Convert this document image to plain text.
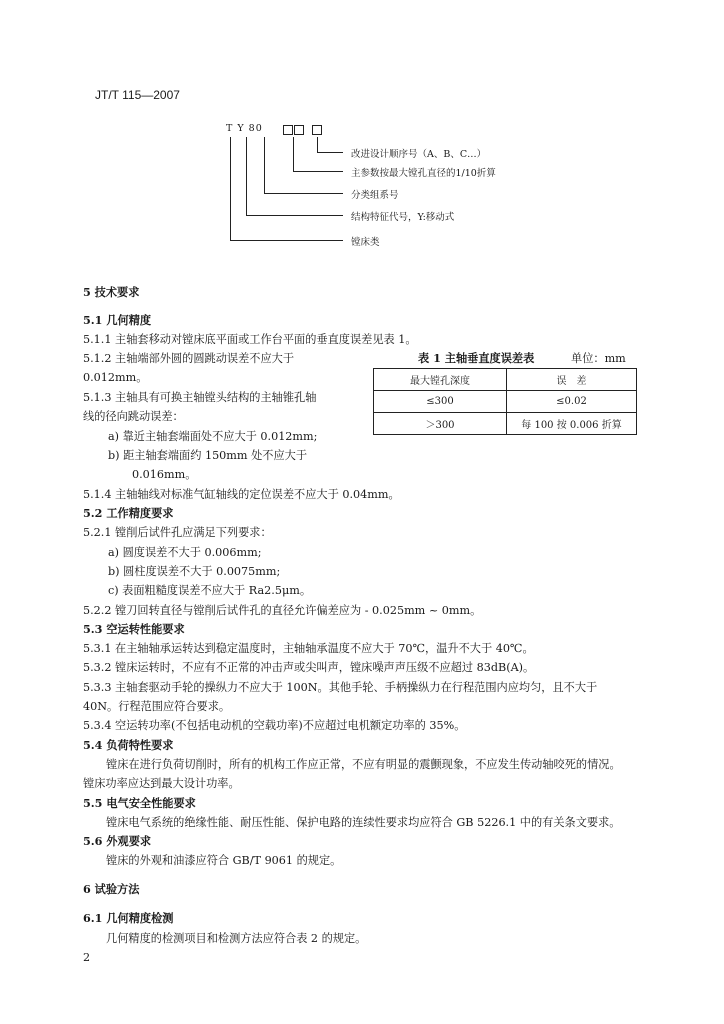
JT/T 115—2007
T Y 80
改进设计顺序号（A、B、C…）
主参数按最大镗孔直径的1/10折算
分类组系号
结构特征代号，Y:移动式
镗床类
5 技术要求
5.1 几何精度
5.1.1 主轴套移动对镗床底平面或工作台平面的垂直度误差见表 1。
5.1.2 主轴端部外圆的圆跳动误差不应大于
0.012mm。
5.1.3 主轴具有可换主轴镗头结构的主轴锥孔轴
线的径向跳动误差：
a) 靠近主轴套端面处不应大于 0.012mm;
b) 距主轴套端面约 150mm 处不应大于
0.016mm。
5.1.4 主轴轴线对标准气缸轴线的定位误差不应大于 0.04mm。
表 1 主轴垂直度误差表	单位：mm
最大镗孔深度	误　差
≤300	≤0.02
＞300	每 100 按 0.006 折算
5.2 工作精度要求
5.2.1 镗削后试件孔应满足下列要求：
a) 圆度误差不大于 0.006mm;
b) 圆柱度误差不大于 0.0075mm;
c) 表面粗糙度误差不应大于 Ra2.5μm。
5.2.2 镗刀回转直径与镗削后试件孔的直径允许偏差应为 - 0.025mm ~ 0mm。
5.3 空运转性能要求
5.3.1 在主轴轴承运转达到稳定温度时，主轴轴承温度不应大于 70℃，温升不大于 40℃。
5.3.2 镗床运转时，不应有不正常的冲击声或尖叫声，镗床噪声声压级不应超过 83dB(A)。
5.3.3 主轴套驱动手轮的操纵力不应大于 100N。其他手轮、手柄操纵力在行程范围内应均匀，且不大于
40N。行程范围应符合要求。
5.3.4 空运转功率(不包括电动机的空载功率)不应超过电机额定功率的 35%。
5.4 负荷特性要求
镗床在进行负荷切削时，所有的机构工作应正常，不应有明显的震颤现象，不应发生传动轴咬死的情况。
镗床功率应达到最大设计功率。
5.5 电气安全性能要求
镗床电气系统的绝缘性能、耐压性能、保护电路的连续性要求均应符合 GB 5226.1 中的有关条文要求。
5.6 外观要求
镗床的外观和油漆应符合 GB/T 9061 的规定。
6 试验方法
6.1 几何精度检测
几何精度的检测项目和检测方法应符合表 2 的规定。
2
